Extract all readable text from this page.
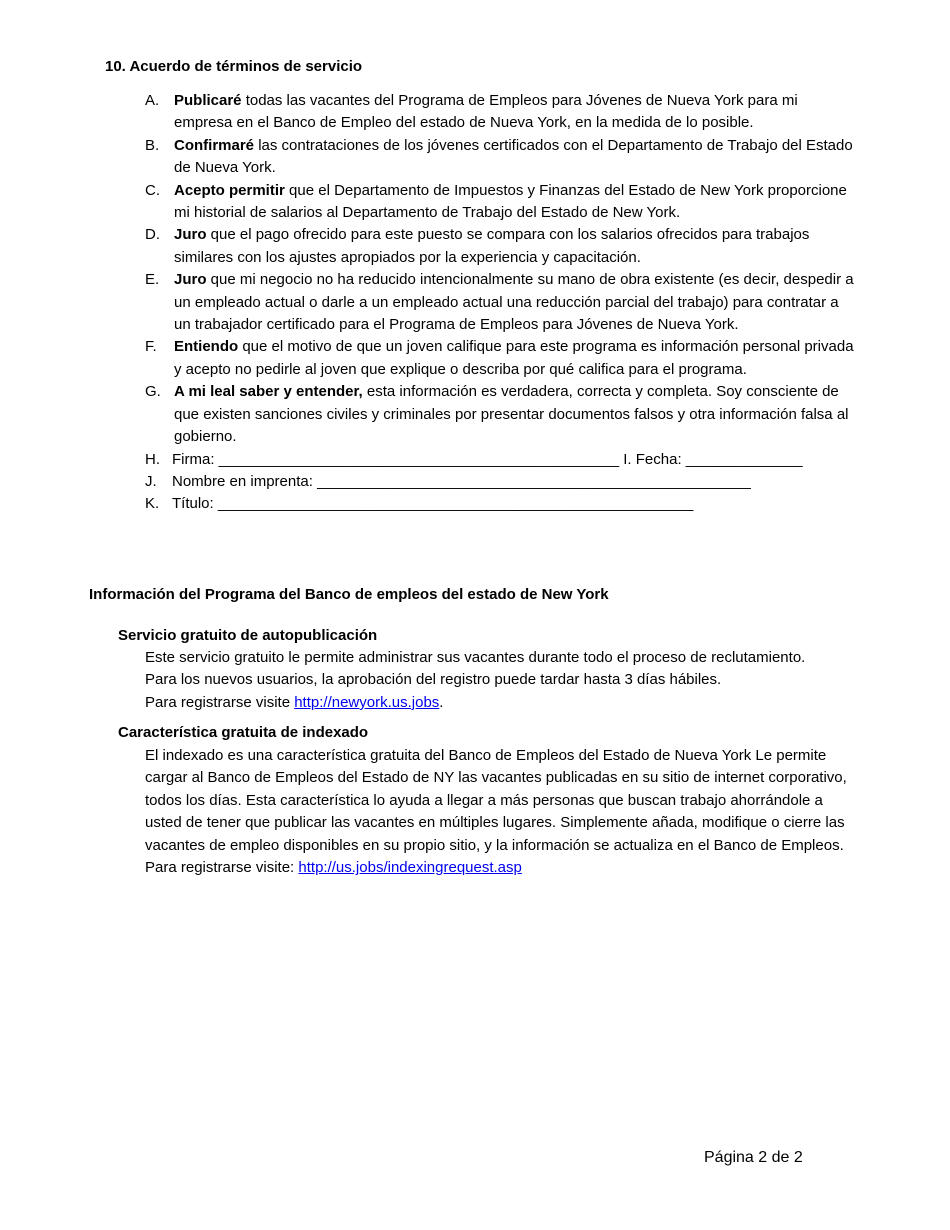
10. Acuerdo de términos de servicio
A. Publicaré todas las vacantes del Programa de Empleos para Jóvenes de Nueva York para mi empresa en el Banco de Empleo del estado de Nueva York, en la medida de lo posible.
B. Confirmaré las contrataciones de los jóvenes certificados con el Departamento de Trabajo del Estado de Nueva York.
C. Acepto permitir que el Departamento de Impuestos y Finanzas del Estado de New York proporcione mi historial de salarios al Departamento de Trabajo del Estado de New York.
D. Juro que el pago ofrecido para este puesto se compara con los salarios ofrecidos para trabajos similares con los ajustes apropiados por la experiencia y capacitación.
E. Juro que mi negocio no ha reducido intencionalmente su mano de obra existente (es decir, despedir a un empleado actual o darle a un empleado actual una reducción parcial del trabajo) para contratar a un trabajador certificado para el Programa de Empleos para Jóvenes de Nueva York.
F. Entiendo que el motivo de que un joven califique para este programa es información personal privada y acepto no pedirle al joven que explique o describa por qué califica para el programa.
G. A mi leal saber y entender, esta información es verdadera, correcta y completa. Soy consciente de que existen sanciones civiles y criminales por presentar documentos falsos y otra información falsa al gobierno.
H. Firma: ________________________________________________ I. Fecha: ______________
J. Nombre en imprenta: ____________________________________________________
K. Título: _________________________________________________________
Información del Programa del Banco de empleos del estado de New York
Servicio gratuito de autopublicación

Este servicio gratuito le permite administrar sus vacantes durante todo el proceso de reclutamiento.

Para los nuevos usuarios, la aprobación del registro puede tardar hasta 3 días hábiles.

Para registrarse visite http://newyork.us.jobs.

Característica gratuita de indexado

El indexado es una característica gratuita del Banco de Empleos del Estado de Nueva York Le permite cargar al Banco de Empleos del Estado de NY las vacantes publicadas en su sitio de internet corporativo, todos los días. Esta característica lo ayuda a llegar a más personas que buscan trabajo ahorrándole a usted de tener que publicar las vacantes en múltiples lugares. Simplemente añada, modifique o cierre las vacantes de empleo disponibles en su propio sitio, y la información se actualiza en el Banco de Empleos.

Para registrarse visite: http://us.jobs/indexingrequest.asp

Página 2 de 2
